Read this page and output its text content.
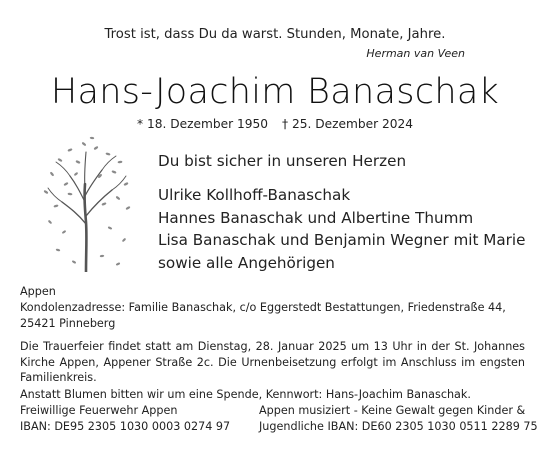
Trost ist, dass Du da warst. Stunden, Monate, Jahre.
Herman van Veen
Hans-Joachim Banaschak
* 18. Dezember 1950 † 25. Dezember 2024
Du bist sicher in unseren Herzen
Ulrike Kollhoff-Banaschak
Hannes Banaschak und Albertine Thumm
Lisa Banaschak und Benjamin Wegner mit Marie
sowie alle Angehörigen
Appen
Kondolenzadresse: Familie Banaschak, c/o Eggerstedt Bestattungen, Friedenstraße 44, 25421 Pinneberg
Die Trauerfeier findet statt am Dienstag, 28. Januar 2025 um 13 Uhr in der St. Johannes Kirche Appen, Appener Straße 2c. Die Urnenbeisetzung erfolgt im Anschluss im engsten Familienkreis.
Anstatt Blumen bitten wir um eine Spende, Kennwort: Hans-Joachim Banaschak.
Freiwillige Feuerwehr Appen
IBAN: DE95 2305 1030 0003 0274 97
Appen musiziert - Keine Gewalt gegen Kinder &
Jugendliche IBAN: DE60 2305 1030 0511 2289 75
